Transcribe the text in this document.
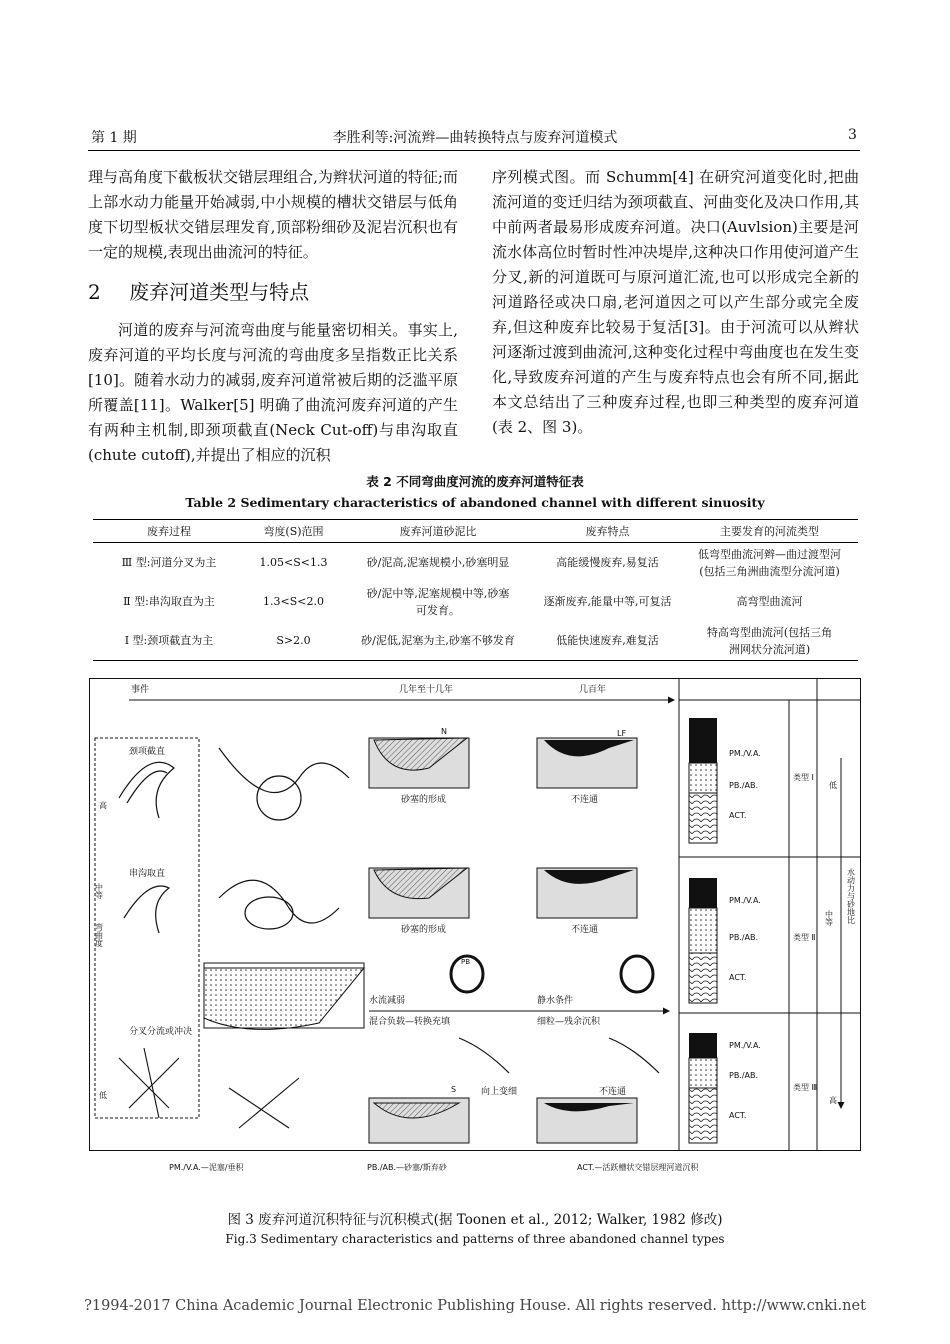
第 1 期	李胜利等:河流辫—曲转换特点与废弃河道模式	3

理与高角度下截板状交错层理组合,为辫状河道的特征;而上部水动力能量开始减弱,中小规模的槽状交错层与低角度下切型板状交错层理发育,顶部粉细砂及泥岩沉积也有一定的规模,表现出曲流河的特征。

2 废弃河道类型与特点

河道的废弃与河流弯曲度与能量密切相关。事实上,废弃河道的平均长度与河流的弯曲度多呈指数正比关系[10]。随着水动力的减弱,废弃河道常被后期的泛滥平原所覆盖[11]。Walker[5] 明确了曲流河废弃河道的产生有两种主机制,即颈项截直(Neck Cut-off)与串沟取直(chute cutoff),并提出了相应的沉积

序列模式图。而 Schumm[4] 在研究河道变化时,把曲流河道的变迁归结为颈项截直、河曲变化及决口作用,其中前两者最易形成废弃河道。决口(Auvlsion)主要是河流水体高位时暂时性冲决堤岸,这种决口作用使河道产生分叉,新的河道既可与原河道汇流,也可以形成完全新的河道路径或决口扇,老河道因之可以产生部分或完全废弃,但这种废弃比较易于复活[3]。由于河流可以从辫状河逐渐过渡到曲流河,这种变化过程中弯曲度也在发生变化,导致废弃河道的产生与废弃特点也会有所不同,据此本文总结出了三种废弃过程,也即三种类型的废弃河道(表 2、图 3)。

表 2 不同弯曲度河流的废弃河道特征表
Table 2 Sedimentary characteristics of abandoned channel with different sinuosity
废弃过程	弯度(S)范围	废弃河道砂泥比	废弃特点	主要发育的河流类型
Ⅲ 型:河道分叉为主	1.05<S<1.3	砂/泥高,泥塞规模小,砂塞明显	高能缓慢废弃,易复活	低弯型曲流河辫—曲过渡型河(包括三角洲曲流型分流河道)
Ⅱ 型:串沟取直为主	1.3<S<2.0	砂/泥中等,泥塞规模中等,砂塞可发育。	逐渐废弃,能量中等,可复活	高弯型曲流河
Ⅰ 型:颈项截直为主	S>2.0	砂/泥低,泥塞为主,砂塞不够发育	低能快速废弃,难复活	特高弯型曲流河(包括三角洲网状分流河道)
事件	几年至十几年	几百年
高
弯曲度
中等
低
颈项截直
串沟取直
分叉分流或冲决
N	LF
砂塞的形成	不连通
砂塞的形成	不连通
PB
水流减弱
混合负载—转换充填
静水条件
细粒—残余沉积
向上变细	不连通
S
PM./V.A.
PB./AB.
ACT.
PM./V.A.
PB./AB.
ACT.
PM./V.A.
PB./AB.
ACT.
类型 Ⅰ
类型 Ⅱ
类型 Ⅲ
低
中等
高
水动力与砂地比
PM./V.A.—泥塞/垂积	PB./AB.—砂塞/斯弃砂	ACT.—活跃槽状交错层理河道沉积
图 3 废弃河道沉积特征与沉积模式(据 Toonen et al., 2012; Walker, 1982 修改)
Fig.3 Sedimentary characteristics and patterns of three abandoned channel types
?1994-2017 China Academic Journal Electronic Publishing House. All rights reserved. http://www.cnki.net
